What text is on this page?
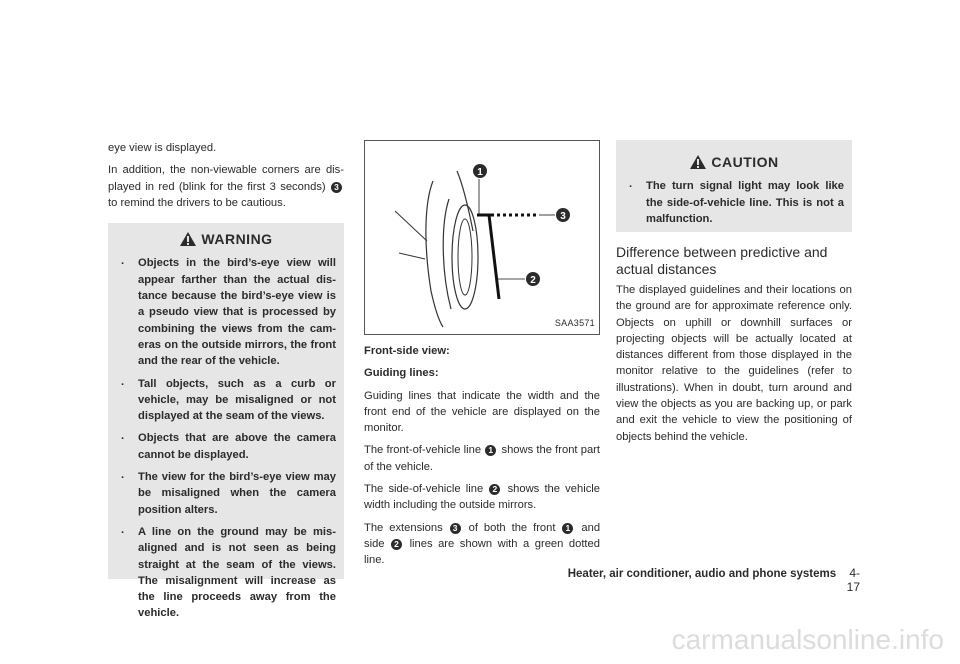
eye view is displayed.

In addition, the non-viewable corners are displayed in red (blink for the first 3 seconds) 3 to remind the drivers to be cautious.

WARNING
. Objects in the bird’s-eye view will appear farther than the actual distance because the bird’s-eye view is a pseudo view that is processed by combining the views from the cameras on the outside mirrors, the front and the rear of the vehicle.
. Tall objects, such as a curb or vehicle, may be misaligned or not displayed at the seam of the views.
. Objects that are above the camera cannot be displayed.
. The view for the bird’s-eye view may be misaligned when the camera position alters.
. A line on the ground may be misaligned and is not seen as being straight at the seam of the views. The misalignment will increase as the line proceeds away from the vehicle.
1
2
3
SAA3571

Front-side view:

Guiding lines:

Guiding lines that indicate the width and the front end of the vehicle are displayed on the monitor.

The front-of-vehicle line 1 shows the front part of the vehicle.

The side-of-vehicle line 2 shows the vehicle width including the outside mirrors.

The extensions 3 of both the front 1 and side 2 lines are shown with a green dotted line.

CAUTION
. The turn signal light may look like the side-of-vehicle line. This is not a malfunction.
Difference between predictive and actual distances

The displayed guidelines and their locations on the ground are for approximate reference only. Objects on uphill or downhill surfaces or projecting objects will be actually located at distances different from those displayed in the monitor relative to the guidelines (refer to illustrations). When in doubt, turn around and view the objects as you are backing up, or park and exit the vehicle to view the positioning of objects behind the vehicle.

Heater, air conditioner, audio and phone systems 4-17
carmanualsonline.info
